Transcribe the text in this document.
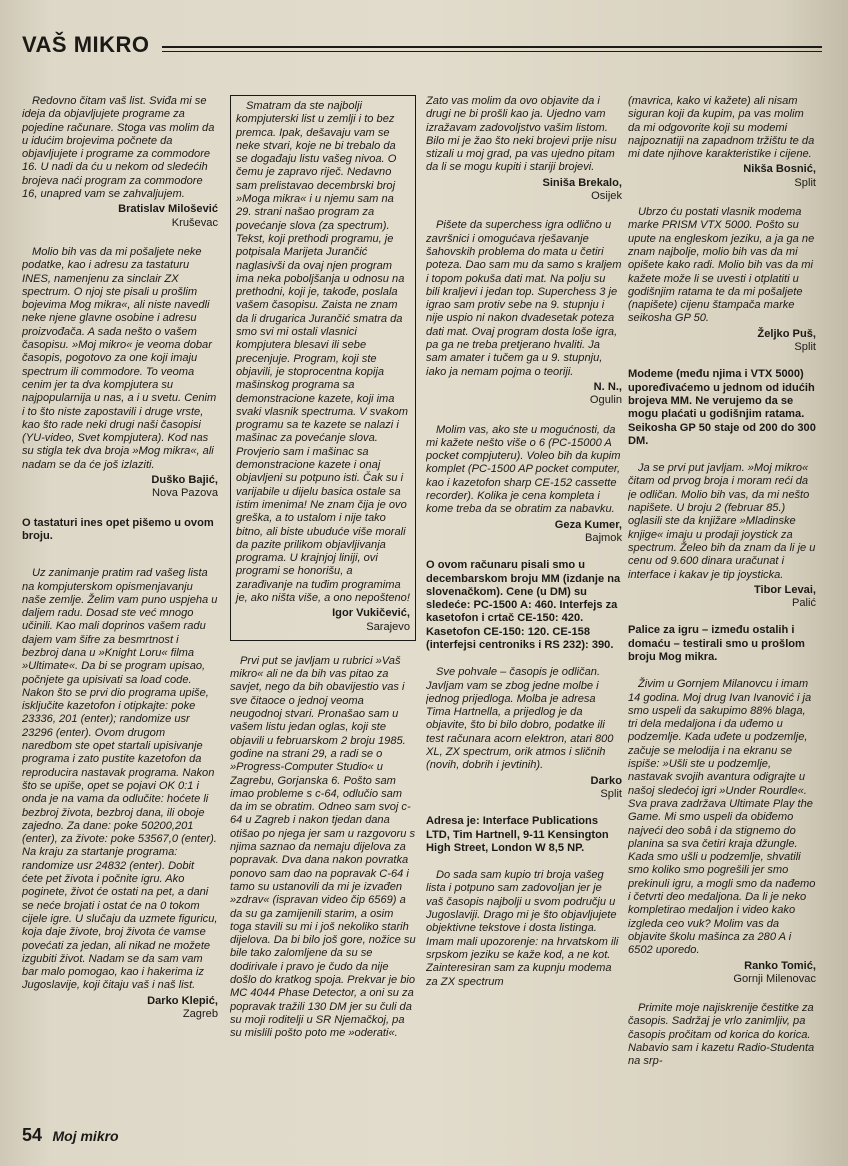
VAŠ MIKRO

Redovno čitam vaš list. Sviđa mi se ideja da objavljujete programe za pojedine računare. Stoga vas molim da u idućim brojevima počnete da objavljujete i programe za commodore 16. U nadi da ću u nekom od sledećih brojeva naći program za commodore 16, unapred vam se zahvaljujem.

Bratislav Milošević

Kruševac

Molio bih vas da mi pošaljete neke podatke, kao i adresu za tastaturu INES, namenjenu za sinclair ZX spectrum. O njoj ste pisali u prošlim bojevima Mog mikra«, ali niste navedli neke njene glavne osobine i adresu proizvođača. A sada nešto o vašem časopisu. »Moj mikro« je veoma dobar časopis, pogotovo za one koji imaju spectrum ili commodore. To veoma cenim jer ta dva kompjutera su najpopularnija u nas, a i u svetu. Cenim i to što niste zapostavili i druge vrste, kao što rade neki drugi naši časopisi (YU-video, Svet kompjutera). Kod nas su stigla tek dva broja »Mog mikra«, ali nadam se da će još izlaziti.

Duško Bajić,

Nova Pazova

O tastaturi ines opet pišemo u ovom broju.

Uz zanimanje pratim rad vašeg lista na kompjuterskom opismenjavanju naše zemlje. Želim vam puno uspjeha u daljem radu. Dosad ste već mnogo učinili. Kao mali doprinos vašem radu dajem vam šifre za besmrtnost i bezbroj dana u »Knight Loru« filma »Ultimate«. Da bi se program upisao, počnjete ga upisivati sa load code. Nakon što se prvi dio programa upiše, isključite kazetofon i otipkajte: poke 23336, 201 (enter); randomize usr 23296 (enter). Ovom drugom naredbom ste opet startali upisivanje programa i zato pustite kazetofon da reproducira nastavak programa. Nakon što se upiše, opet se pojavi OK 0:1 i onda je na vama da odlučite: hoćete li bezbroj života, bezbroj dana, ili oboje zajedno. Za dane: poke 50200,201 (enter), za živote: poke 53567,0 (enter). Na kraju za startanje programa: randomize usr 24832 (enter). Dobit ćete pet života i počnite igru. Ako poginete, život će ostati na pet, a dani se neće brojati i ostat će na 0 tokom cijele igre. U slučaju da uzmete figuricu, koja daje živote, broj života će vamse povećati za jedan, ali nikad ne možete izgubiti život. Nadam se da sam vam bar malo pomogao, kao i hakerima iz Jugoslavije, koji čitaju vaš i naš list.

Darko Klepić,

Zagreb

Smatram da ste najbolji kompjuterski list u zemlji i to bez premca. Ipak, dešavaju vam se neke stvari, koje ne bi trebalo da se događaju listu vašeg nivoa. O čemu je zapravo riječ. Nedavno sam prelistavao decembrski broj »Moga mikra« i u njemu sam na 29. strani našao program za povećanje slova (za spectrum). Tekst, koji prethodi programu, je potpisala Marijeta Jurančić naglasivši da ovaj njen program ima neka poboljšanja u odnosu na prethodni, koji je, takođe, poslala vašem časopisu. Zaista ne znam da li drugarica Jurančić smatra da smo svi mi ostali vlasnici kompjutera blesavi ili sebe precenjuje. Program, koji ste objavili, je stoprocentna kopija mašinskog programa sa demonstracione kazete, koji ima svaki vlasnik spectruma. V svakom programu sa te kazete se nalazi i mašinac za povećanje slova. Provjerio sam i mašinac sa demonstracione kazete i onaj objavljeni su potpuno isti. Čak su i varijabile u dijelu basica ostale sa istim imenima! Ne znam čija je ovo greška, a to ustalom i nije tako bitno, ali biste ubuduće više morali da pazite prilikom objavljivanja programa. U krajnjoj liniji, ovi programi se honorišu, a zarađivanje na tuđim programima je, ako ništa više, a ono nepošteno!

Igor Vukičević,

Sarajevo

Prvi put se javljam u rubrici »Vaš mikro« ali ne da bih vas pitao za savjet, nego da bih obavijestio vas i sve čitaoce o jednoj veoma neugodnoj stvari. Pronašao sam u vašem listu jedan oglas, koji ste objavili u februarskom 2 broju 1985. godine na strani 29, a radi se o »Progress-Computer Studio« u Zagrebu, Gorjanska 6. Pošto sam imao probleme s c-64, odlučio sam da im se obratim. Odneo sam svoj c-64 u Zagreb i nakon tjedan dana otišao po njega jer sam u razgovoru s njima saznao da nemaju dijelova za popravak. Dva dana nakon povratka ponovo sam dao na popravak C-64 i tamo su ustanovili da mi je izvađen »zdrav« (ispravan video čip 6569) a da su ga zamijenili starim, a osim toga stavili su mi i još nekoliko starih dijelova. Da bi bilo još gore, nožice su bile tako zalomljene da su se dodirivale i pravo je čudo da nije došlo do kratkog spoja. Prekvar je bio MC 4044 Phase Detector, a oni su za popravak tražili 130 DM jer su čuli da su moji roditelji u SR Njemačkoj, pa su mislili pošto poto me »oderati«.

Zato vas molim da ovo objavite da i drugi ne bi prošli kao ja. Ujedno vam izražavam zadovoljstvo vašim listom. Bilo mi je žao što neki brojevi prije nisu stizali u moj grad, pa vas ujedno pitam da li se mogu kupiti i stariji brojevi.

Siniša Brekalo,

Osijek

Pišete da superchess igra odlično u završnici i omogućava rješavanje šahovskih problema do mata u četiri poteza. Dao sam mu da samo s kraljem i topom pokuša dati mat. Na polju su bili kraljevi i jedan top. Superchess 3 je igrao sam protiv sebe na 9. stupnju i nije uspio ni nakon dvadesetak poteza dati mat. Ovaj program dosta loše igra, pa ga ne treba pretjerano hvaliti. Ja sam amater i tučem ga u 9. stupnju, iako ja nemam pojma o teoriji.

N. N.,

Ogulin

Molim vas, ako ste u mogućnosti, da mi kažete nešto više o 6 (PC-15000 A pocket compjuteru). Voleo bih da kupim komplet (PC-1500 AP pocket computer, kao i kazetofon sharp CE-152 cassette recorder). Kolika je cena kompleta i kome treba da se obratim za nabavku.

Geza Kumer,

Bajmok

O ovom računaru pisali smo u decembarskom broju MM (izdanje na slovenačkom). Cene (u DM) su sledeće: PC-1500 A: 460. Interfejs za kasetofon i crtač CE-150: 420. Kasetofon CE-150: 120. CE-158 (interfejsi centroniks i RS 232): 390.

Sve pohvale – časopis je odličan. Javljam vam se zbog jedne molbe i jednog prijedloga. Molba je adresa Tima Hartnella, a prijedlog je da objavite, što bi bilo dobro, podatke ili test računara acorn elektron, atari 800 XL, ZX spectrum, orik atmos i sličnih (novih, dobrih i jevtinih).

Darko

Split

Adresa je: Interface Publications LTD, Tim Hartnell, 9-11 Kensington High Street, London W 8,5 NP.

Do sada sam kupio tri broja vašeg lista i potpuno sam zadovoljan jer je vaš časopis najbolji u svom području u Jugoslaviji. Drago mi je što objavljujete objektivne tekstove i dosta listinga. Imam mali upozorenje: na hrvatskom ili srpskom jeziku se kaže kod, a ne kot. Zainteresiran sam za kupnju modema za ZX spectrum

(mavrica, kako vi kažete) ali nisam siguran koji da kupim, pa vas molim da mi odgovorite koji su modemi najpoznatiji na zapadnom tržištu te da mi date njihove karakteristike i cijene.

Nikša Bosnić,

Split

Ubrzo ću postati vlasnik modema marke PRISM VTX 5000. Pošto su upute na engleskom jeziku, a ja ga ne znam najbolje, molio bih vas da mi opišete kako radi. Molio bih vas da mi kažete može li se uvesti i otplatiti u godišnjim ratama te da mi pošaljete (napišete) cijenu štampača marke seikosha GP 50.

Željko Puš,

Split

Modeme (među njima i VTX 5000) upoređivaćemo u jednom od idućih brojeva MM. Ne verujemo da se mogu plaćati u godišnjim ratama. Seikosha GP 50 staje od 200 do 300 DM.

Ja se prvi put javljam. »Moj mikro« čitam od prvog broja i moram reći da je odličan. Molio bih vas, da mi nešto napišete. U broju 2 (februar 85.) oglasili ste da knjižare »Mladinske knjige« imaju u prodaji joystick za spectrum. Želeo bih da znam da li je u cenu od 9.600 dinara uračunat i interface i kakav je tip joysticka.

Tibor Levai,

Palić

Palice za igru – između ostalih i domaću – testirali smo u prošlom broju Mog mikra.

Živim u Gornjem Milanovcu i imam 14 godina. Moj drug Ivan Ivanović i ja smo uspeli da sakupimo 88% blaga, tri dela medaljona i da uđemo u podzemlje. Kada uđete u podzemlje, začuje se melodija i na ekranu se ispiše: »Ušli ste u podzemlje, nastavak svojih avantura odigrajte u našoj sledećoj igri »Under Rourdle«. Sva prava zadržava Ultimate Play the Game. Mi smo uspeli da obiđemo najveći deo sobâ i da stignemo do planina sa sva četiri kraja džungle. Kada smo ušli u podzemlje, shvatili smo koliko smo pogrešili jer smo prekinuli igru, a mogli smo da nađemo i četvrti deo medaljona. Da li je neko kompletirao medaljon i video kako izgleda ceo vuk? Molim vas da objavite školu mašinca za 280 A i 6502 uporedo.

Ranko Tomić,

Gornji Milenovac

Primite moje najiskrenije čestitke za časopis. Sadržaj je vrlo zanimljiv, pa časopis pročitam od korica do korica. Nabavio sam i kazetu Radio-Studenta na srp-

54 Moj mikro
